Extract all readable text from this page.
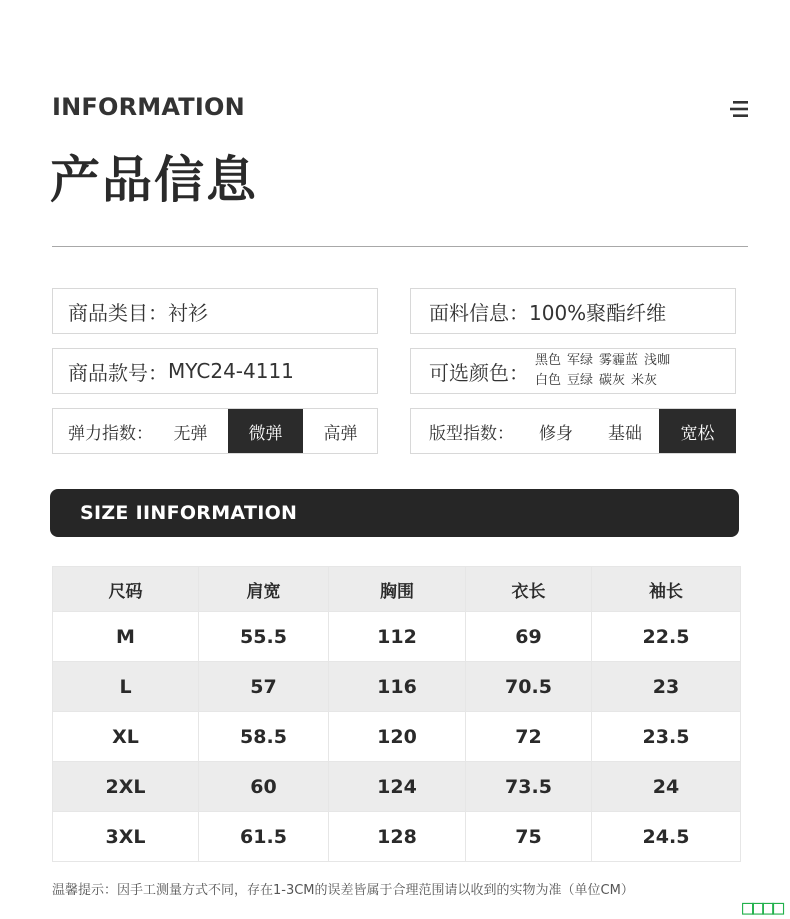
INFORMATION
产品信息
商品类目： 衬衫	面料信息： 100%聚酯纤维
商品款号： MYC24-4111	可选颜色： 黑色 军绿 雾霾蓝 浅咖
白色 豆绿 碳灰 米灰
弹力指数：	无弹	微弹	高弹	版型指数：	修身	基础	宽松
SIZE IINFORMATION
尺码	肩宽	胸围	衣长	袖长
M	55.5	112	69	22.5
L	57	116	70.5	23
XL	58.5	120	72	23.5
2XL	60	124	73.5	24
3XL	61.5	128	75	24.5
温馨提示：因手工测量方式不同，存在1-3CM的误差皆属于合理范围请以收到的实物为准（单位CM）
□□□□
